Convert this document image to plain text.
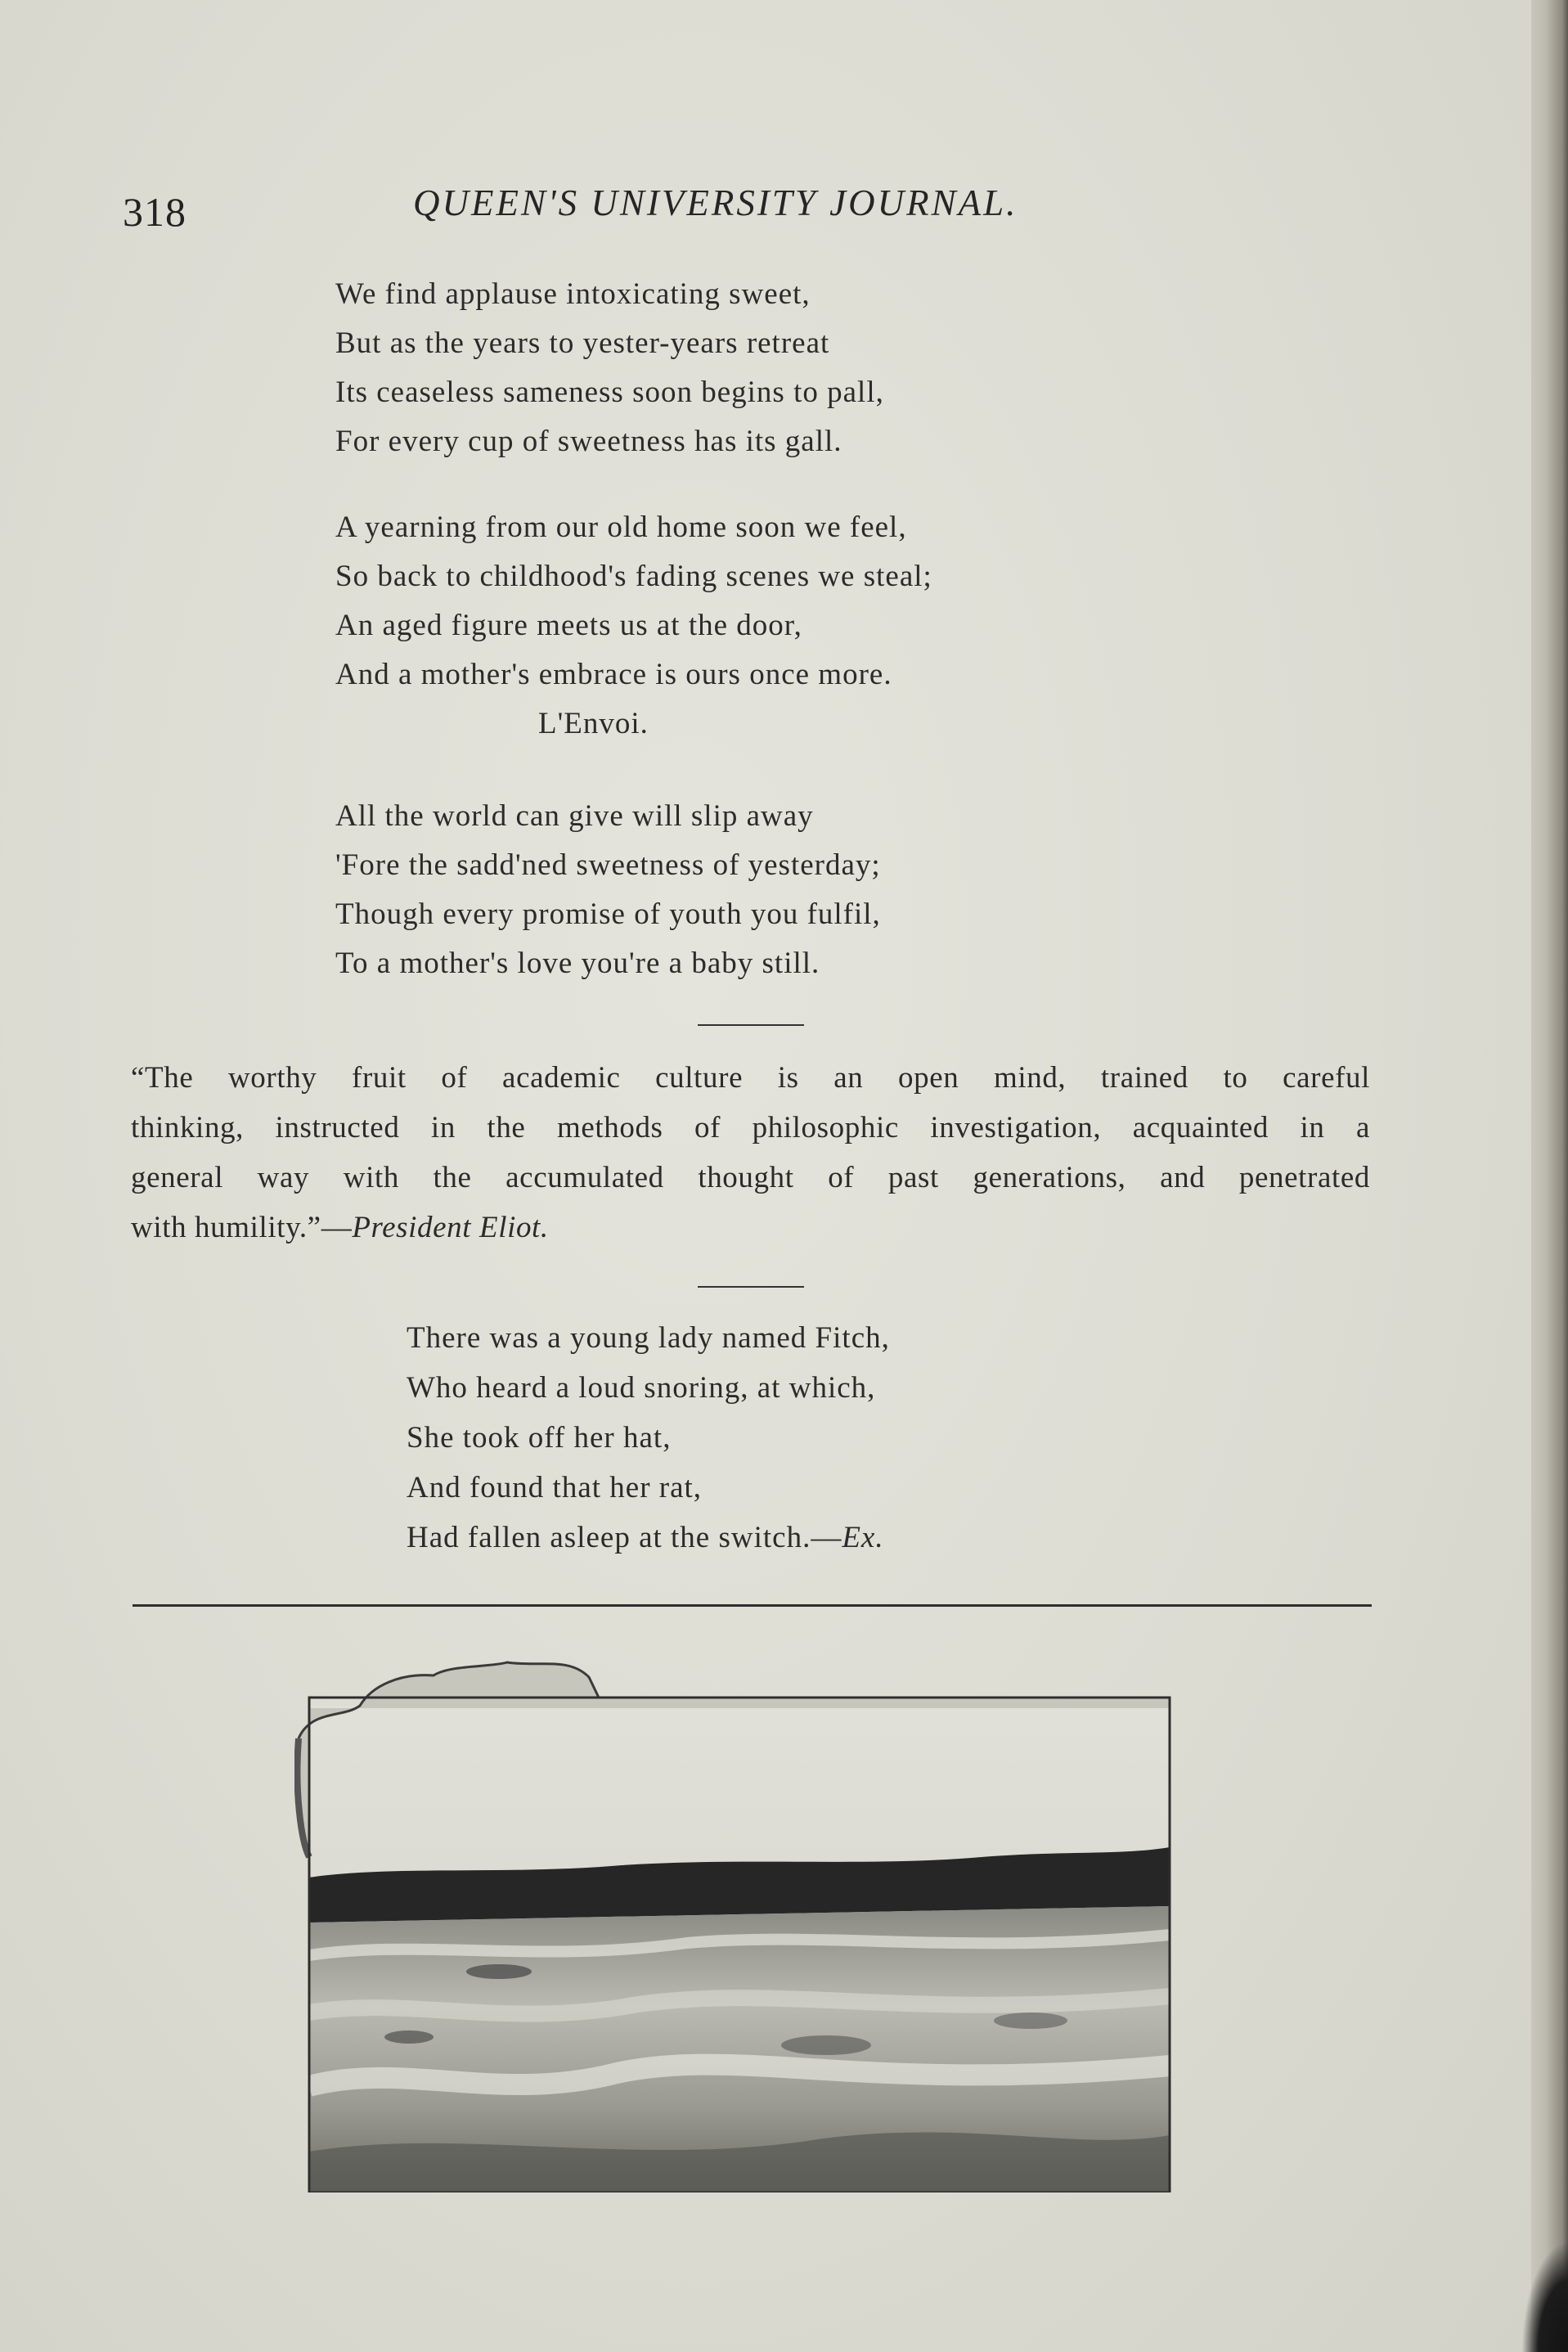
318	QUEEN'S UNIVERSITY JOURNAL.
We find applause intoxicating sweet,
But as the years to yester-years retreat
Its ceaseless sameness soon begins to pall,
For every cup of sweetness has its gall.
A yearning from our old home soon we feel,
So back to childhood's fading scenes we steal;
An aged figure meets us at the door,
And a mother's embrace is ours once more.
L'Envoi.
All the world can give will slip away
'Fore the sadd'ned sweetness of yesterday;
Though every promise of youth you fulfil,
To a mother's love you're a baby still.
“The worthy fruit of academic culture is an open mind, trained to careful
thinking, instructed in the methods of philosophic investigation, acquainted in a
general way with the accumulated thought of past generations, and penetrated
with humility.”—President Eliot.
There was a young lady named Fitch,
Who heard a loud snoring, at which,
She took off her hat,
And found that her rat,
Had fallen asleep at the switch.—Ex.
